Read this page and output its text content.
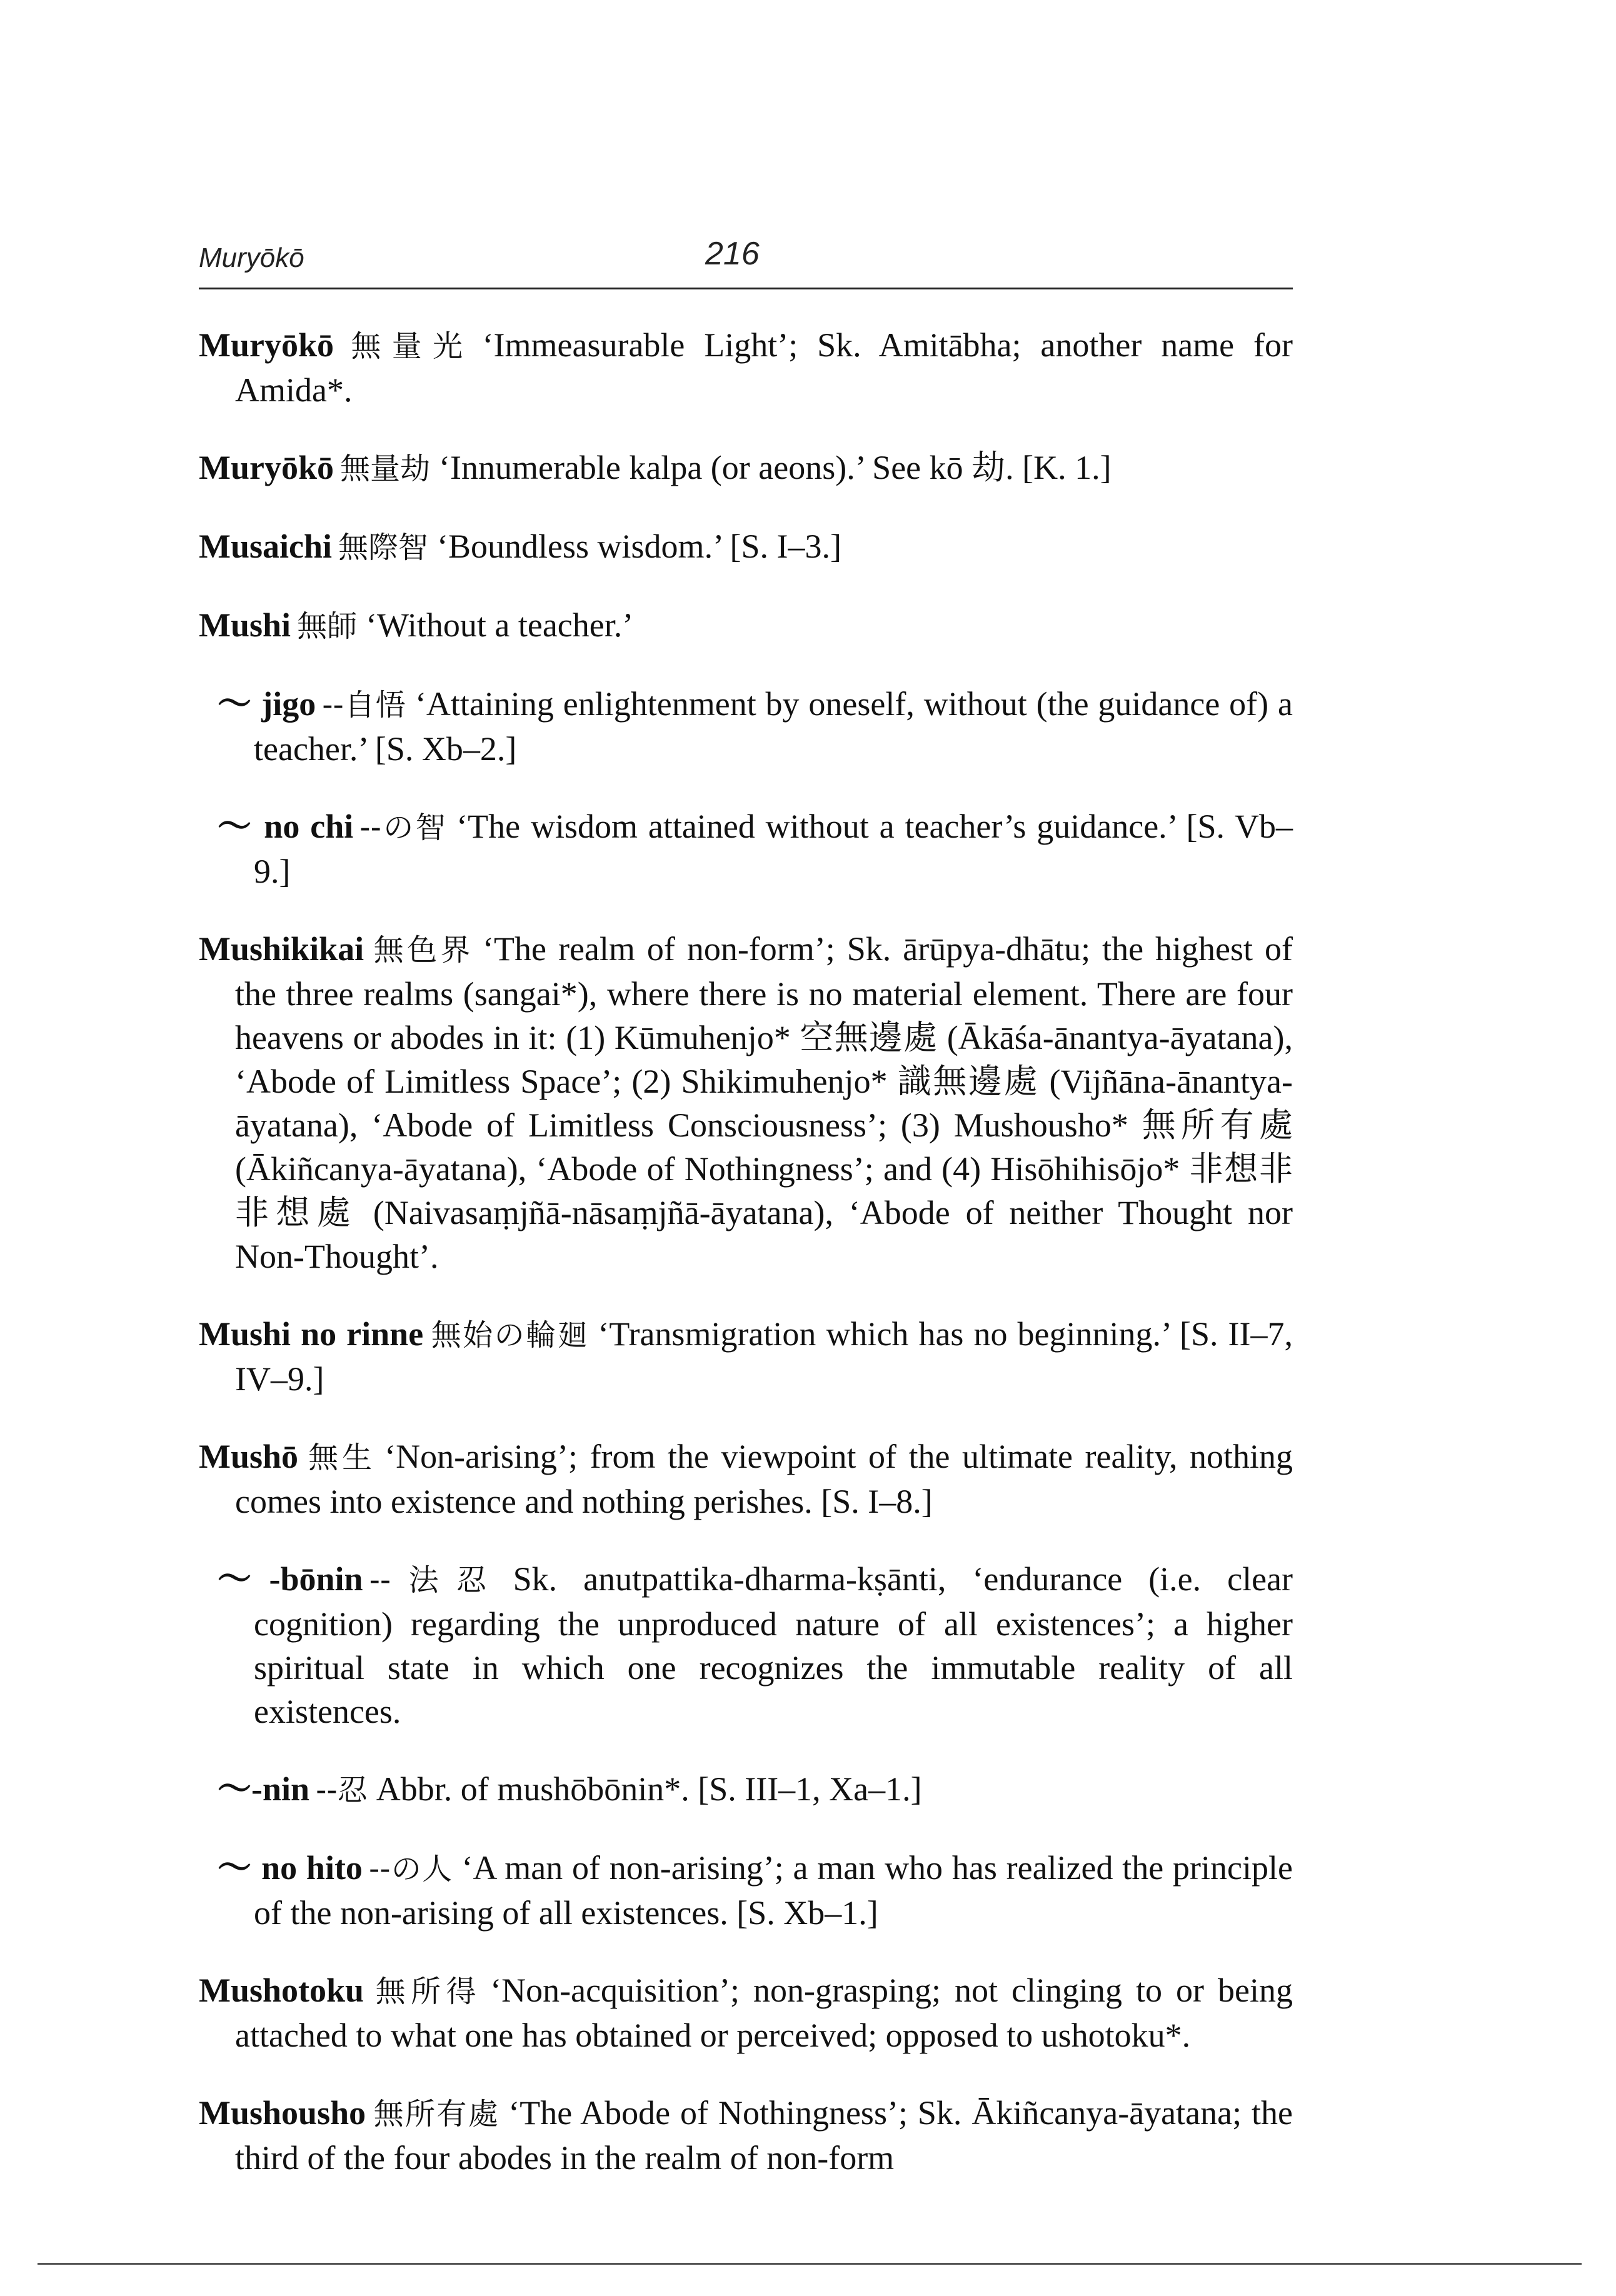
Muryōkō	216

Muryōkō 無量光 ‘Immeasurable Light’; Sk. Amitābha; another name for Amida*.

Muryōkō 無量劫 ‘Innumerable kalpa (or aeons).’ See kō 劫. [K. 1.]

Musaichi 無際智 ‘Boundless wisdom.’ [S. I–3.]

Mushi 無師 ‘Without a teacher.’

～ jigo --自悟 ‘Attaining enlightenment by oneself, without (the guidance of) a teacher.’ [S. Xb–2.]

～ no chi --の智 ‘The wisdom attained without a teacher’s guidance.’ [S. Vb–9.]

Mushikikai 無色界 ‘The realm of non-form’; Sk. ārūpya-dhātu; the highest of the three realms (sangai*), where there is no material element. There are four heavens or abodes in it: (1) Kūmuhenjo* 空無邊處 (Ākāśa-ānantya-āyatana), ‘Abode of Limitless Space’; (2) Shikimuhenjo* 識無邊處 (Vijñāna-ānantya-āyatana), ‘Abode of Limitless Consciousness’; (3) Mushousho* 無所有處 (Ākiñcanya-āyatana), ‘Abode of Nothingness’; and (4) Hisōhihisōjo* 非想非非想處 (Naivasaṃjñā-nāsaṃjñā-āyatana), ‘Abode of neither Thought nor Non-Thought’.

Mushi no rinne 無始の輪廻 ‘Transmigration which has no beginning.’ [S. II–7, IV–9.]

Mushō 無生 ‘Non-arising’; from the viewpoint of the ultimate reality, nothing comes into existence and nothing perishes. [S. I–8.]

～-bōnin --法忍 Sk. anutpattika-dharma-kṣānti, ‘endurance (i.e. clear cognition) regarding the unproduced nature of all existences’; a higher spiritual state in which one recognizes the immutable reality of all existences.

～-nin --忍 Abbr. of mushōbōnin*. [S. III–1, Xa–1.]

～ no hito --の人 ‘A man of non-arising’; a man who has realized the principle of the non-arising of all existences. [S. Xb–1.]

Mushotoku 無所得 ‘Non-acquisition’; non-grasping; not clinging to or being attached to what one has obtained or perceived; opposed to ushotoku*.

Mushousho 無所有處 ‘The Abode of Nothingness’; Sk. Ākiñcanya-āyatana; the third of the four abodes in the realm of non-form
